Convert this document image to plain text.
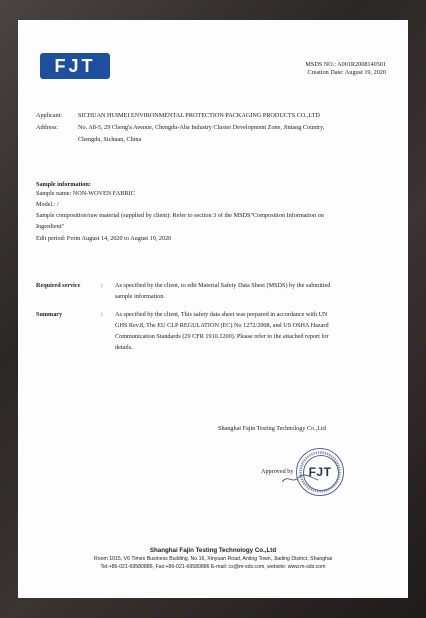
FJT	MSDS NO.: A001R2008140501
Creation Date: August 19, 2020
Applicant:	SICHUAN HUIMEI ENVIRONMENTAL PROTECTION PACKAGING PRODUCTS CO.,LTD
Address:	No. A8-5, 29 Cheng'a Avenue, Chengdu-Aba Industry Cluster Development Zone, Jintang Country,
Chengdu, Sichuan, China
Sample information:
Sample name: NON-WOVEN FABRIC
Model.: /
Sample composition/raw material (supplied by client): Refer to section 3 of the MSDS"Composition Information on
Ingredient"
Edit period: From August 14, 2020 to August 19, 2020
Required service	: As specified by the client, to edit Material Safety Data Sheet (MSDS) by the submitted
sample information.
Summary	: As specified by the client, This safety data sheet was prepared in accordance with UN
GHS Rev.8, The EU CLP REGULATION (EC) No 1272/2008, and US OSHA Hazard
Communication Standards (29 CFR 1910.1200). Please refer to the attached report for
details.
Shanghai Fajin Testing Technology Co.,Ltd
Approved by	FJT
Shanghai Fajin Testing Technology Co.,Ltd
Room 1015, V6 Times Business Building, No.16, Xinyuan Road, Anting Town, Jiading District, Shanghai
Tel:+86-021-69580886, Fax:+86-021-69580886 E-mail: cs@m-sds.com, website: www.m-sds.com
